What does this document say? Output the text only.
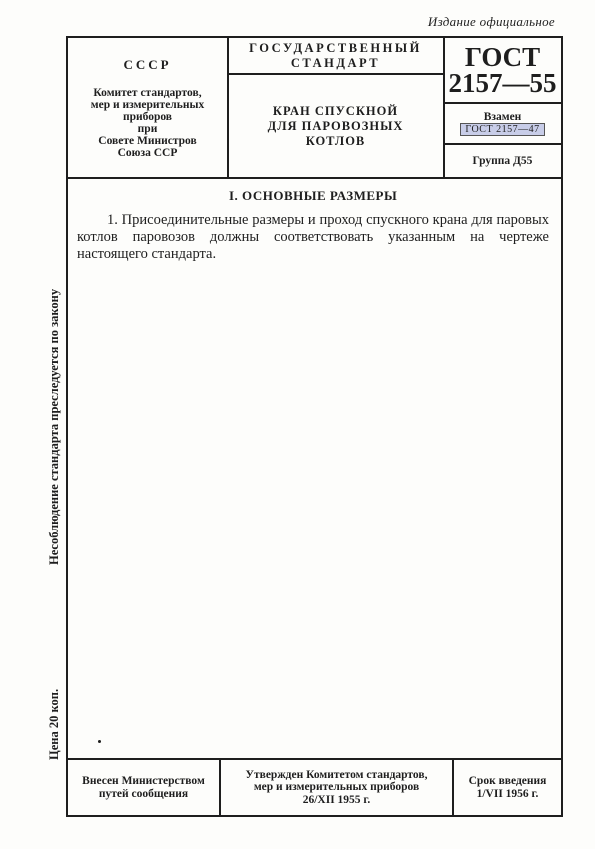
Издание официальное
Несоблюдение стандарта преследуется по закону
Цена 20 коп.
СССР
Комитет стандартов,
мер и измерительных
приборов
при
Совете Министров
Союза ССР
ГОСУДАРСТВЕННЫЙ
СТАНДАРТ
КРАН СПУСКНОЙ
ДЛЯ ПАРОВОЗНЫХ
КОТЛОВ
ГОСТ
2157—55
Взамен
ГОСТ 2157—47
Группа Д55
Внесен Министерством
путей сообщения
Утвержден Комитетом стандартов,
мер и измерительных приборов
26/XII 1955 г.
Срок введения
1/VII 1956 г.
I. ОСНОВНЫЕ РАЗМЕРЫ
1. Присоединительные размеры и проход спускного крана для паровых котлов паровозов должны соответствовать указанным на чертеже настоящего стандарта.
